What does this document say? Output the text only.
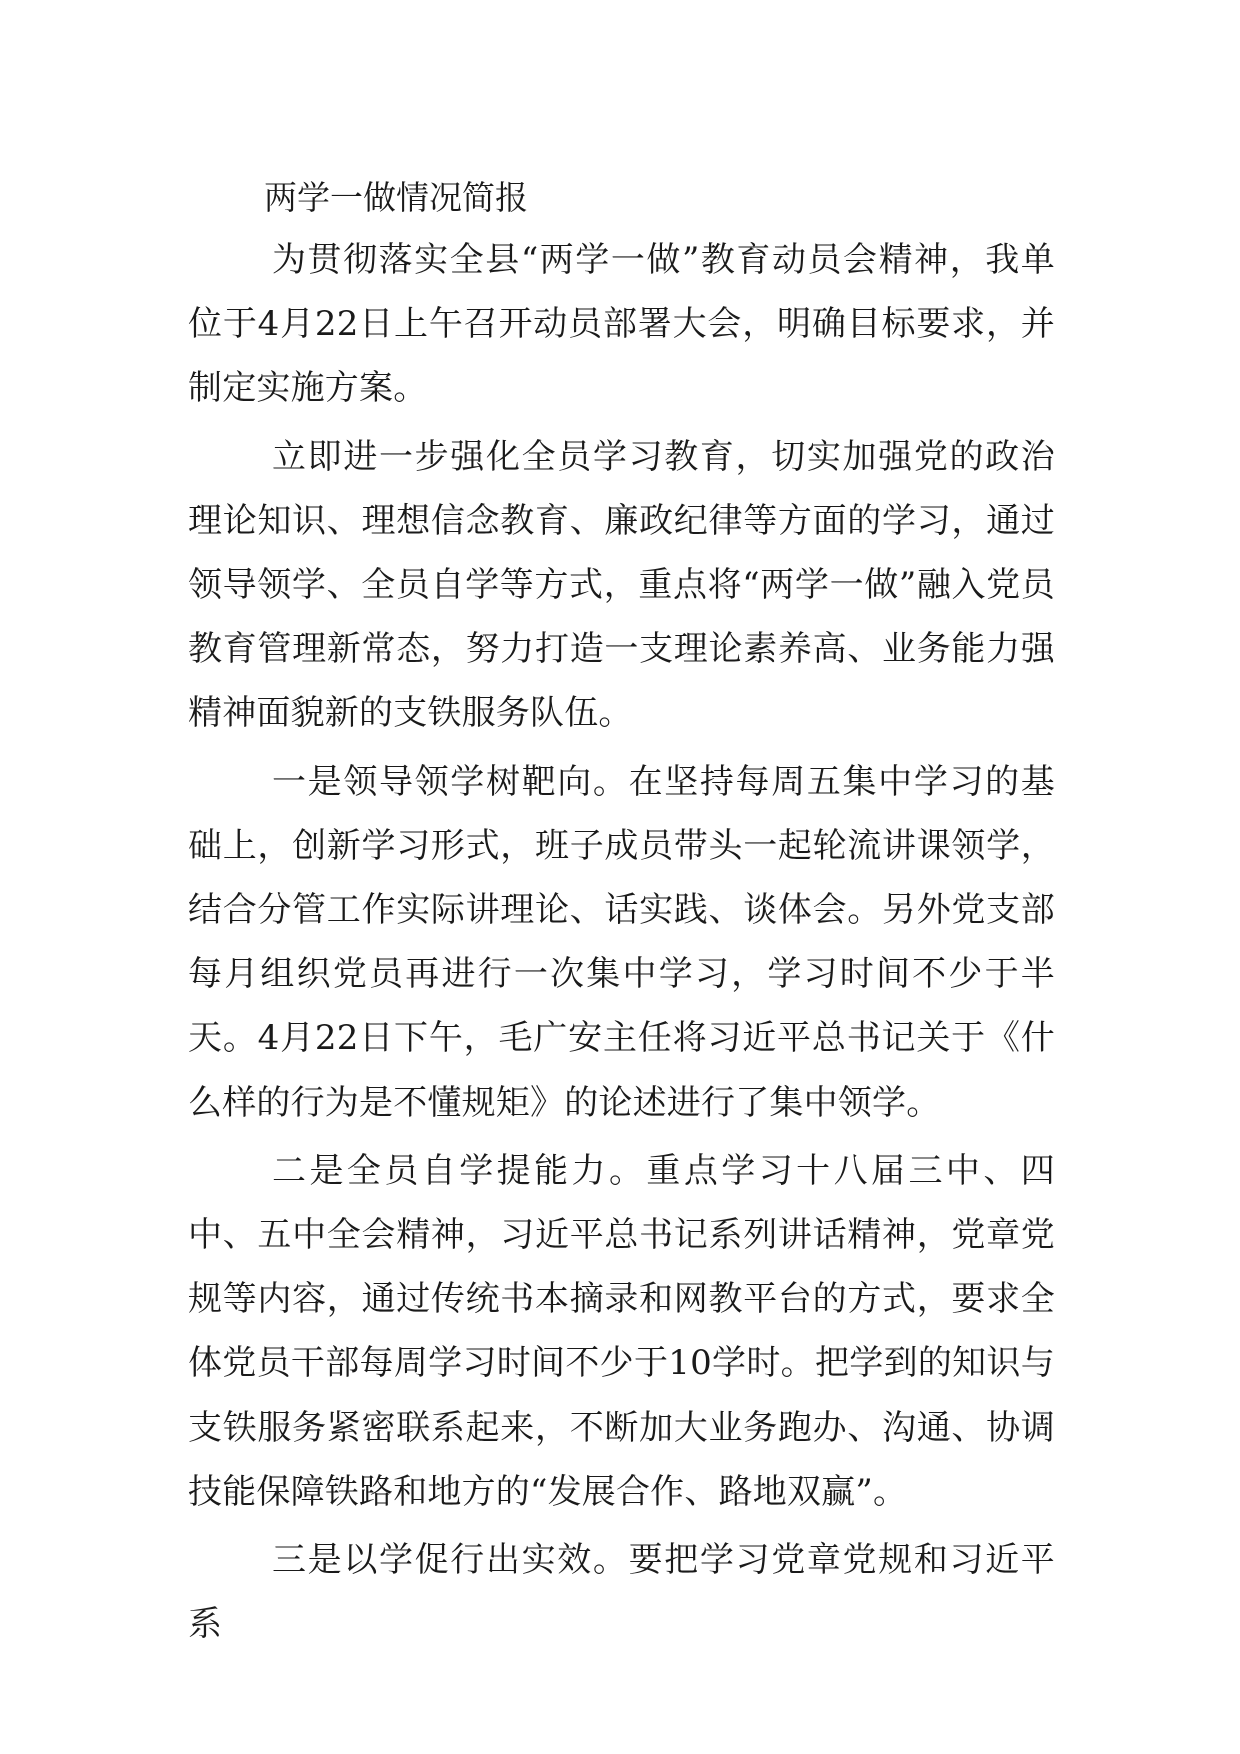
两学一做情况简报

为贯彻落实全县“两学一做”教育动员会精神，我单位于4月22日上午召开动员部署大会，明确目标要求，并制定实施方案。

立即进一步强化全员学习教育，切实加强党的政治理论知识、理想信念教育、廉政纪律等方面的学习，通过领导领学、全员自学等方式，重点将“两学一做”融入党员教育管理新常态，努力打造一支理论素养高、业务能力强精神面貌新的支铁服务队伍。

一是领导领学树靶向。在坚持每周五集中学习的基础上，创新学习形式，班子成员带头一起轮流讲课领学，结合分管工作实际讲理论、话实践、谈体会。另外党支部每月组织党员再进行一次集中学习，学习时间不少于半天。4月22日下午，毛广安主任将习近平总书记关于《什么样的行为是不懂规矩》的论述进行了集中领学。

二是全员自学提能力。重点学习十八届三中、四中、五中全会精神，习近平总书记系列讲话精神，党章党规等内容，通过传统书本摘录和网教平台的方式，要求全体党员干部每周学习时间不少于10学时。把学到的知识与支铁服务紧密联系起来，不断加大业务跑办、沟通、协调技能保障铁路和地方的“发展合作、路地双赢”。

三是以学促行出实效。要把学习党章党规和习近平系
